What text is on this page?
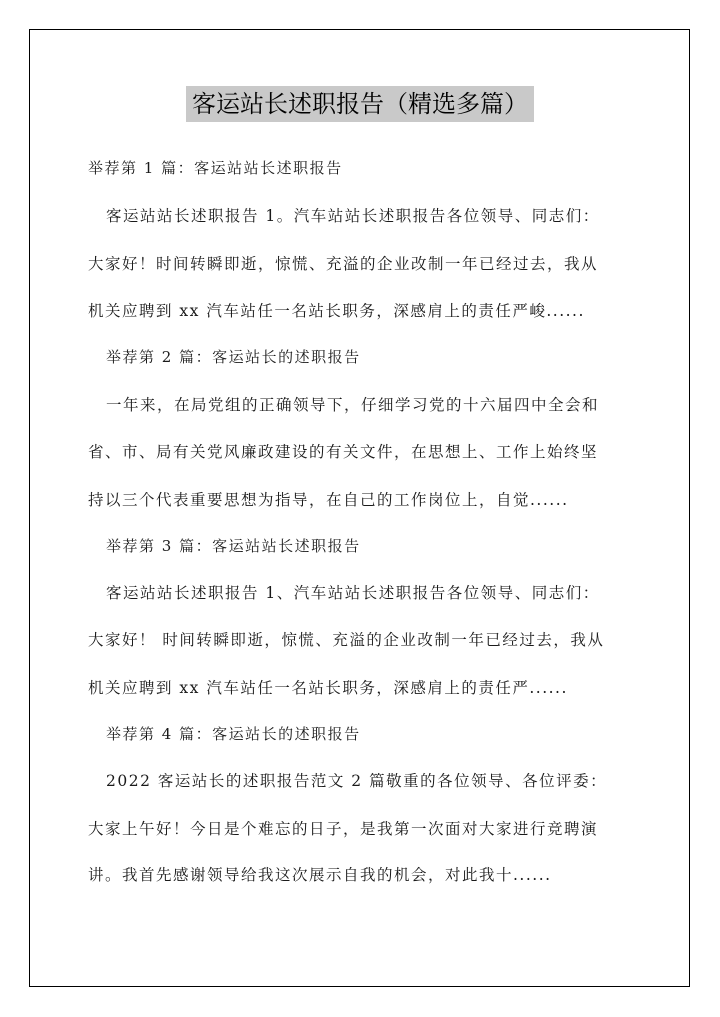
客运站长述职报告（精选多篇）
举荐第 1 篇：客运站站长述职报告
客运站站长述职报告 1。汽车站站长述职报告各位领导、同志们：
大家好！时间转瞬即逝，惊慌、充溢的企业改制一年已经过去，我从
机关应聘到 xx 汽车站任一名站长职务，深感肩上的责任严峻......
举荐第 2 篇：客运站长的述职报告
一年来，在局党组的正确领导下，仔细学习党的十六届四中全会和
省、市、局有关党风廉政建设的有关文件，在思想上、工作上始终坚
持以三个代表重要思想为指导，在自己的工作岗位上，自觉......
举荐第 3 篇：客运站站长述职报告
客运站站长述职报告 1、汽车站站长述职报告各位领导、同志们：
大家好！ 时间转瞬即逝，惊慌、充溢的企业改制一年已经过去，我从
机关应聘到 xx 汽车站任一名站长职务，深感肩上的责任严......
举荐第 4 篇：客运站长的述职报告
2022 客运站长的述职报告范文 2 篇敬重的各位领导、各位评委：
大家上午好！今日是个难忘的日子，是我第一次面对大家进行竞聘演
讲。我首先感谢领导给我这次展示自我的机会，对此我十......
